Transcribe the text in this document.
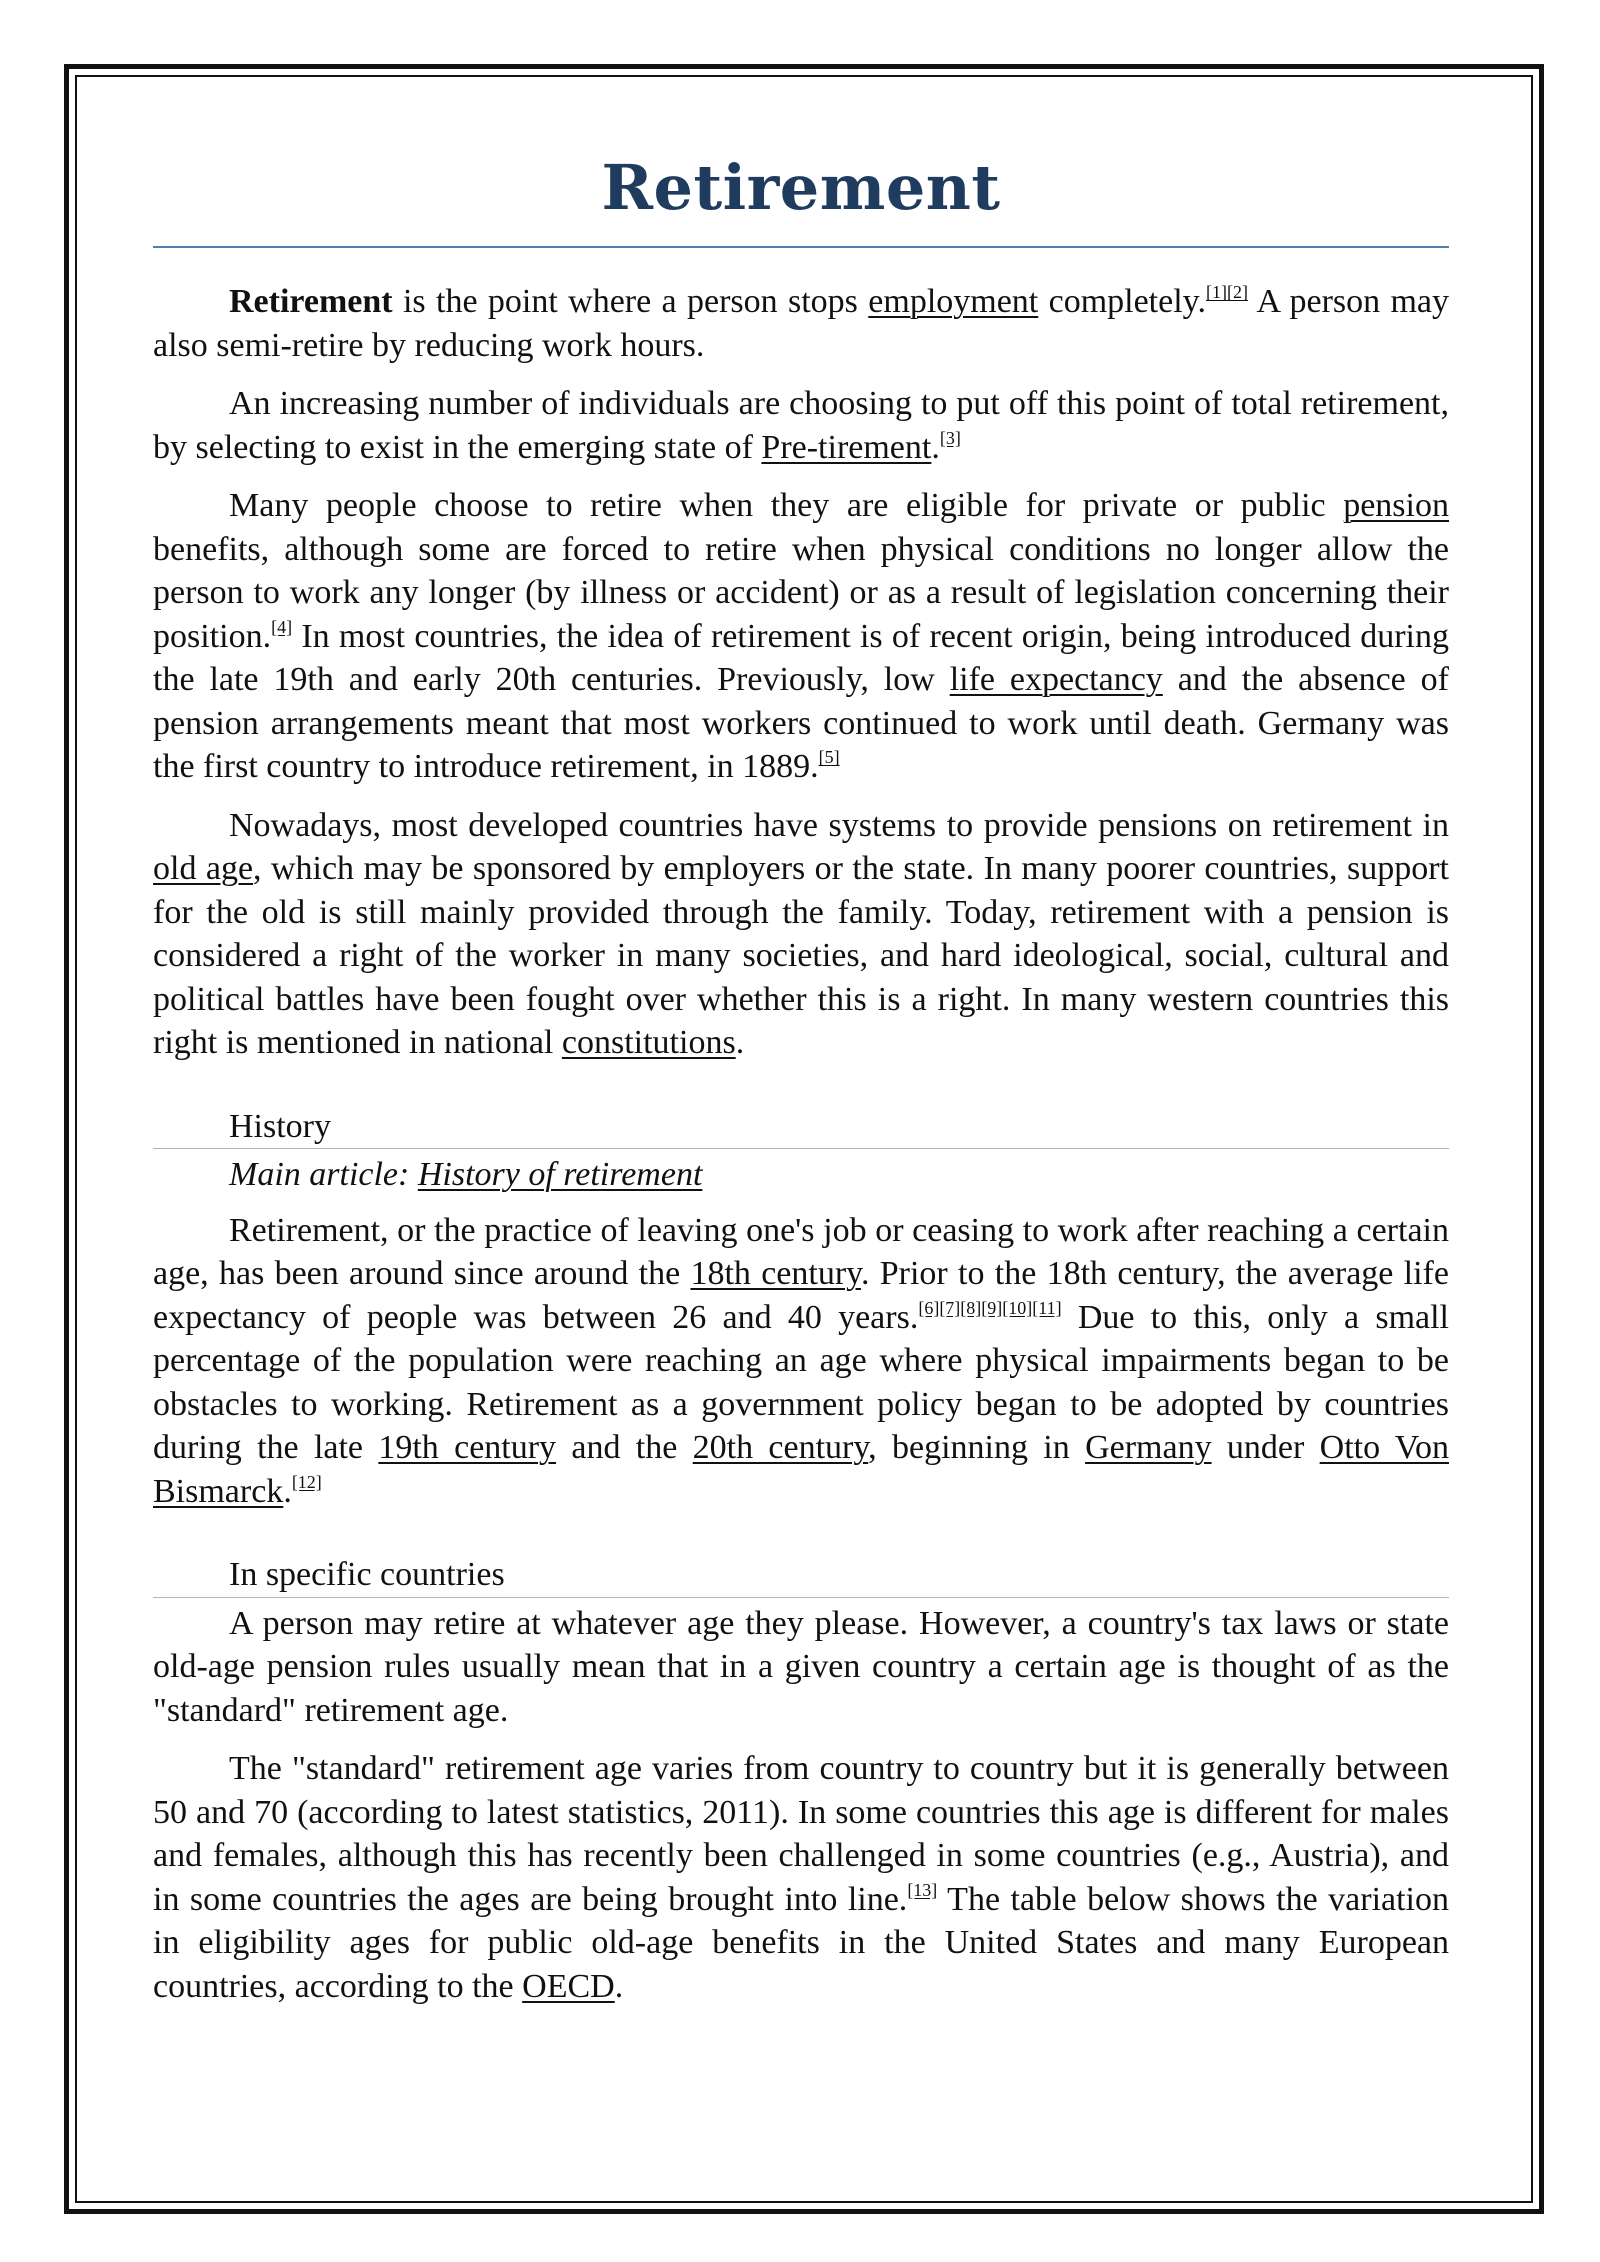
Retirement

Retirement is the point where a person stops employment completely.[1][2] A person may also semi-retire by reducing work hours.

An increasing number of individuals are choosing to put off this point of total retirement, by selecting to exist in the emerging state of Pre-tirement.[3]

Many people choose to retire when they are eligible for private or public pension benefits, although some are forced to retire when physical conditions no longer allow the person to work any longer (by illness or accident) or as a result of legislation concerning their position.[4] In most countries, the idea of retirement is of recent origin, being introduced during the late 19th and early 20th centuries. Previously, low life expectancy and the absence of pension arrangements meant that most workers continued to work until death. Germany was the first country to introduce retirement, in 1889.[5]

Nowadays, most developed countries have systems to provide pensions on retirement in old age, which may be sponsored by employers or the state. In many poorer countries, support for the old is still mainly provided through the family. Today, retirement with a pension is considered a right of the worker in many societies, and hard ideological, social, cultural and political battles have been fought over whether this is a right. In many western countries this right is mentioned in national constitutions.

History
Main article: History of retirement

Retirement, or the practice of leaving one's job or ceasing to work after reaching a certain age, has been around since around the 18th century. Prior to the 18th century, the average life expectancy of people was between 26 and 40 years.[6][7][8][9][10][11] Due to this, only a small percentage of the population were reaching an age where physical impairments began to be obstacles to working. Retirement as a government policy began to be adopted by countries during the late 19th century and the 20th century, beginning in Germany under Otto Von Bismarck.[12]

In specific countries

A person may retire at whatever age they please. However, a country's tax laws or state old-age pension rules usually mean that in a given country a certain age is thought of as the "standard" retirement age.

The "standard" retirement age varies from country to country but it is generally between 50 and 70 (according to latest statistics, 2011). In some countries this age is different for males and females, although this has recently been challenged in some countries (e.g., Austria), and in some countries the ages are being brought into line.[13] The table below shows the variation in eligibility ages for public old-age benefits in the United States and many European countries, according to the OECD.
